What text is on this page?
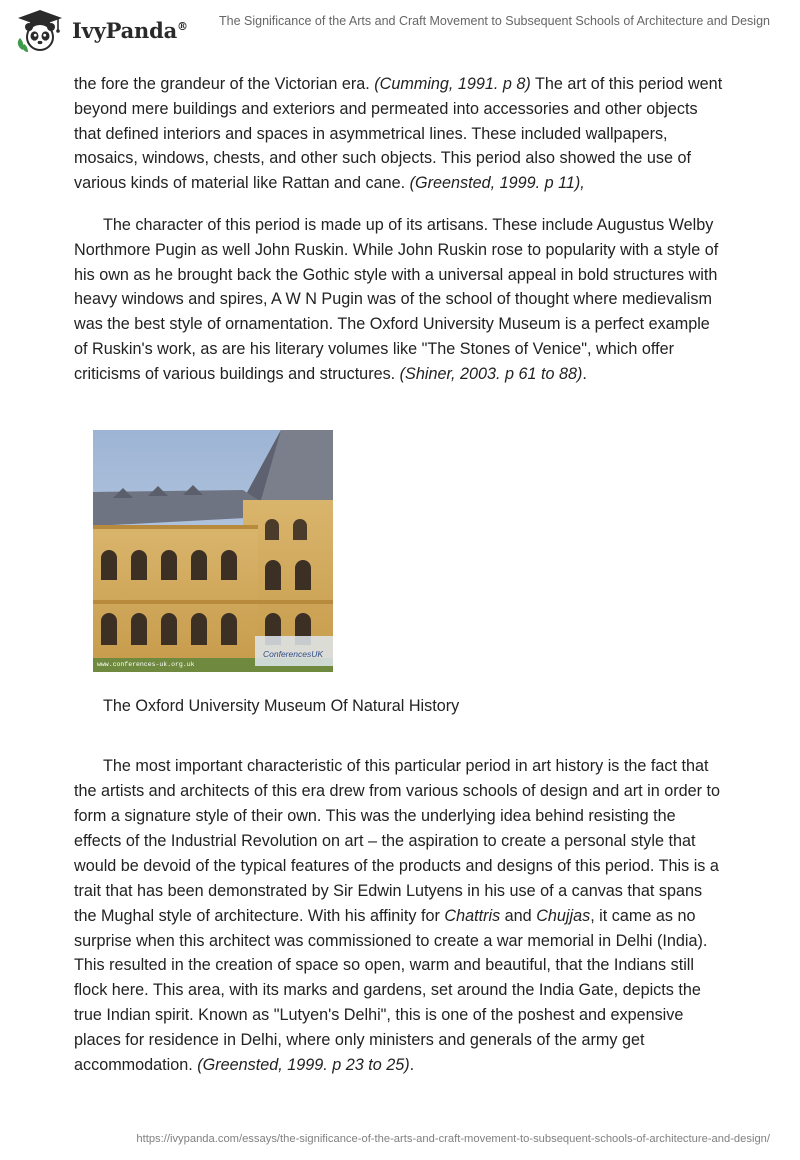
IvyPanda®	The Significance of the Arts and Craft Movement to Subsequent Schools of Architecture and Design

the fore the grandeur of the Victorian era. (Cumming, 1991. p 8) The art of this period went beyond mere buildings and exteriors and permeated into accessories and other objects that defined interiors and spaces in asymmetrical lines. These included wallpapers, mosaics, windows, chests, and other such objects. This period also showed the use of various kinds of material like Rattan and cane. (Greensted, 1999. p 11),

The character of this period is made up of its artisans. These include Augustus Welby Northmore Pugin as well John Ruskin. While John Ruskin rose to popularity with a style of his own as he brought back the Gothic style with a universal appeal in bold structures with heavy windows and spires, A W N Pugin was of the school of thought where medievalism was the best style of ornamentation. The Oxford University Museum is a perfect example of Ruskin's work, as are his literary volumes like "The Stones of Venice", which offer criticisms of various buildings and structures. (Shiner, 2003. p 61 to 88).

ConferencesUK
www.conferences-uk.org.uk
The Oxford University Museum Of Natural History

The most important characteristic of this particular period in art history is the fact that the artists and architects of this era drew from various schools of design and art in order to form a signature style of their own. This was the underlying idea behind resisting the effects of the Industrial Revolution on art – the aspiration to create a personal style that would be devoid of the typical features of the products and designs of this period. This is a trait that has been demonstrated by Sir Edwin Lutyens in his use of a canvas that spans the Mughal style of architecture. With his affinity for Chattris and Chujjas, it came as no surprise when this architect was commissioned to create a war memorial in Delhi (India). This resulted in the creation of space so open, warm and beautiful, that the Indians still flock here. This area, with its marks and gardens, set around the India Gate, depicts the true Indian spirit. Known as "Lutyen's Delhi", this is one of the poshest and expensive places for residence in Delhi, where only ministers and generals of the army get accommodation. (Greensted, 1999. p 23 to 25).

https://ivypanda.com/essays/the-significance-of-the-arts-and-craft-movement-to-subsequent-schools-of-architecture-and-design/
